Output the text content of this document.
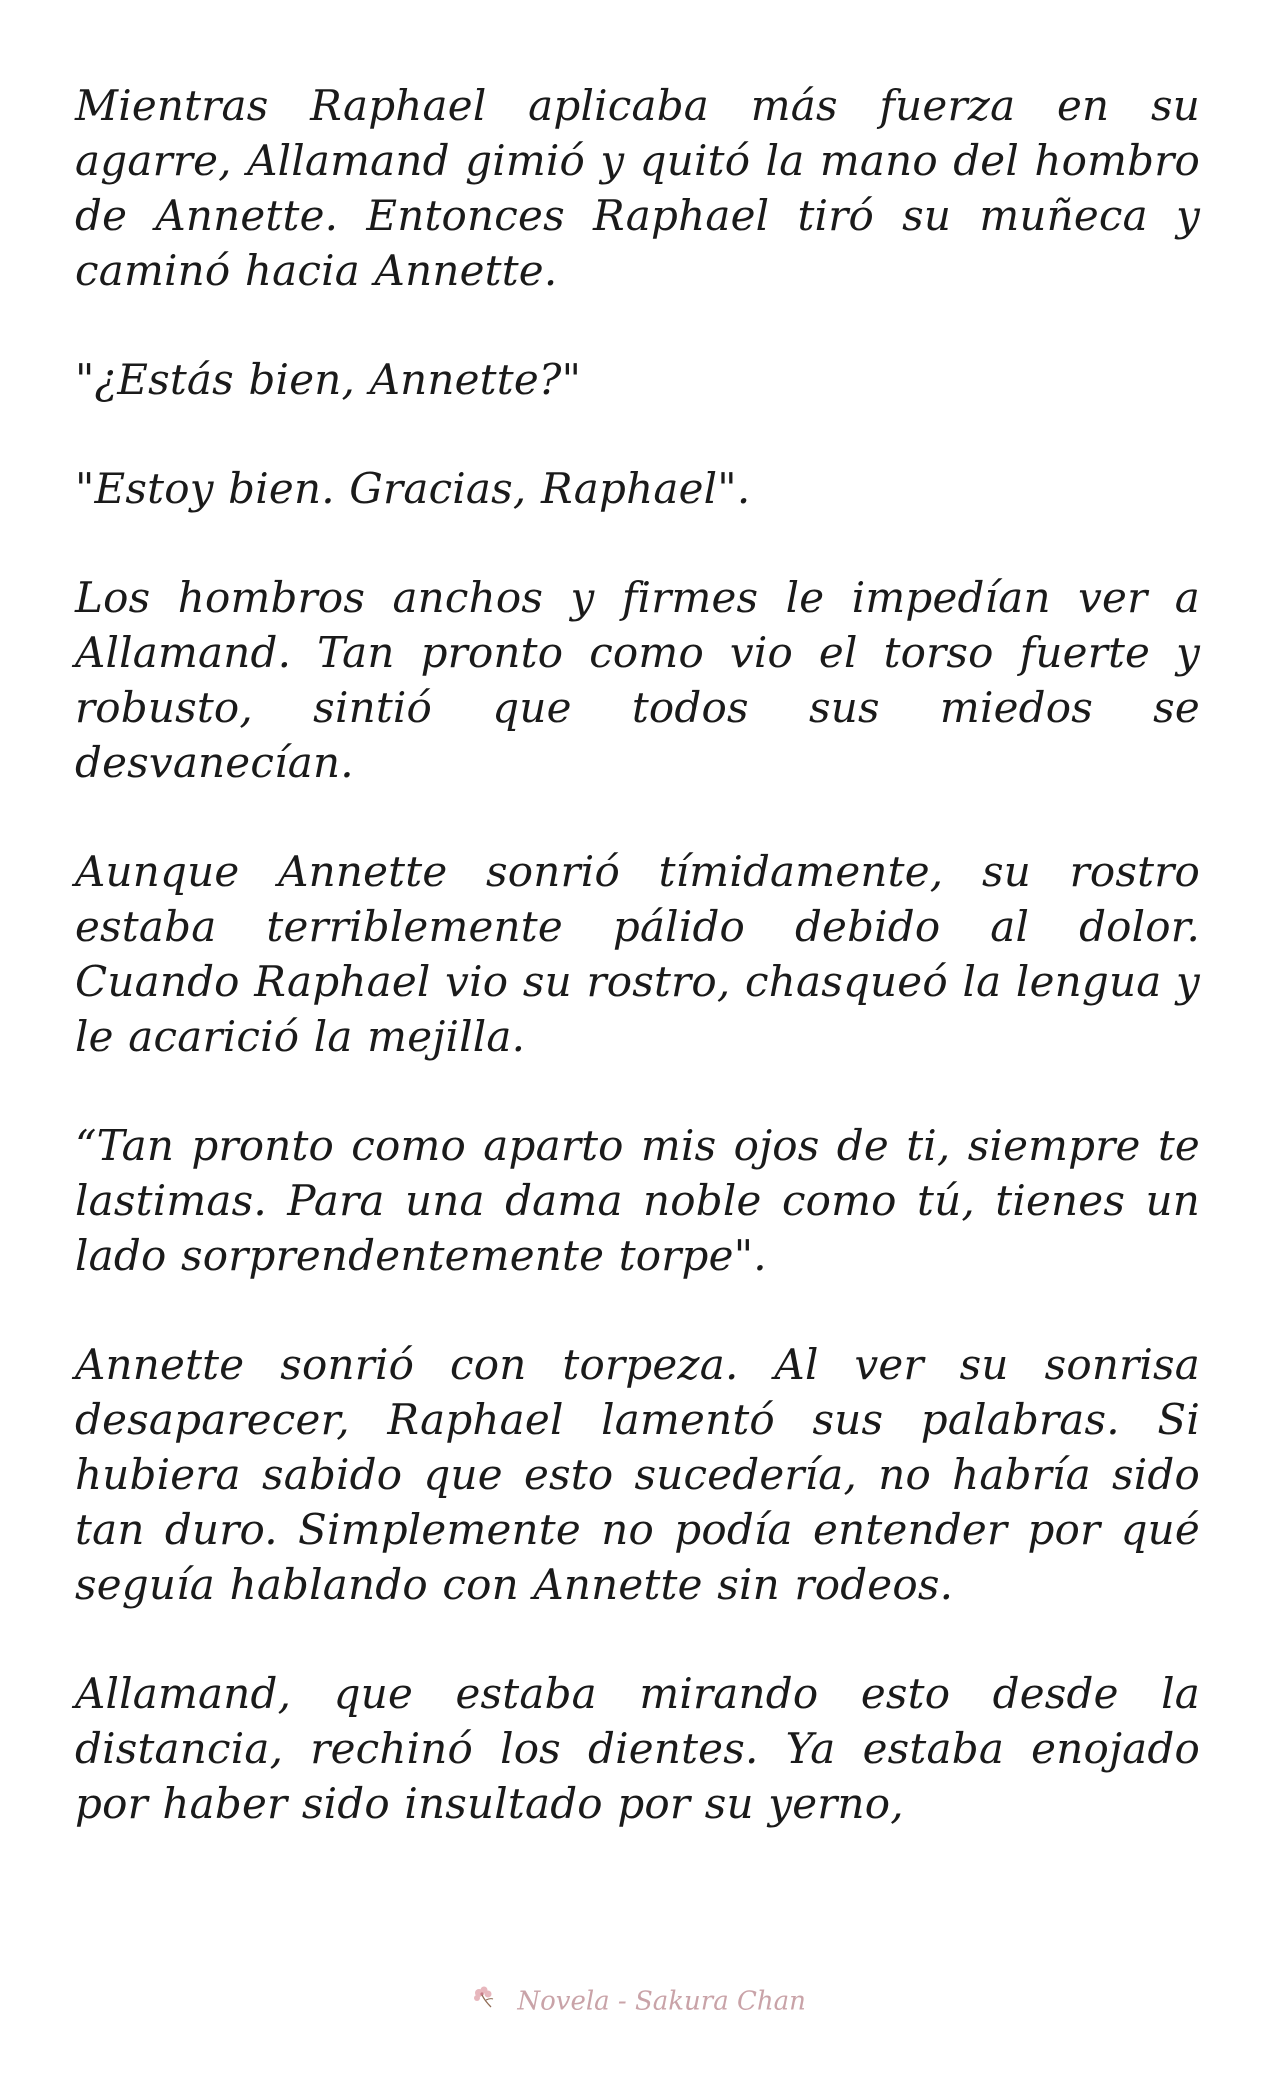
Mientras Raphael aplicaba más fuerza en su agarre, Allamand gimió y quitó la mano del hombro de Annette. Entonces Raphael tiró su muñeca y caminó hacia Annette.

"¿Estás bien, Annette?"

"Estoy bien. Gracias, Raphael".

Los hombros anchos y firmes le impedían ver a Allamand. Tan pronto como vio el torso fuerte y robusto, sintió que todos sus miedos se desvanecían.

Aunque Annette sonrió tímidamente, su rostro estaba terriblemente pálido debido al dolor. Cuando Raphael vio su rostro, chasqueó la lengua y le acarició la mejilla.

“Tan pronto como aparto mis ojos de ti, siempre te lastimas. Para una dama noble como tú, tienes un lado sorprendentemente torpe".

Annette sonrió con torpeza. Al ver su sonrisa desaparecer, Raphael lamentó sus palabras. Si hubiera sabido que esto sucedería, no habría sido tan duro. Simplemente no podía entender por qué seguía hablando con Annette sin rodeos.

Allamand, que estaba mirando esto desde la distancia, rechinó los dientes. Ya estaba enojado por haber sido insultado por su yerno,

Novela - Sakura Chan
